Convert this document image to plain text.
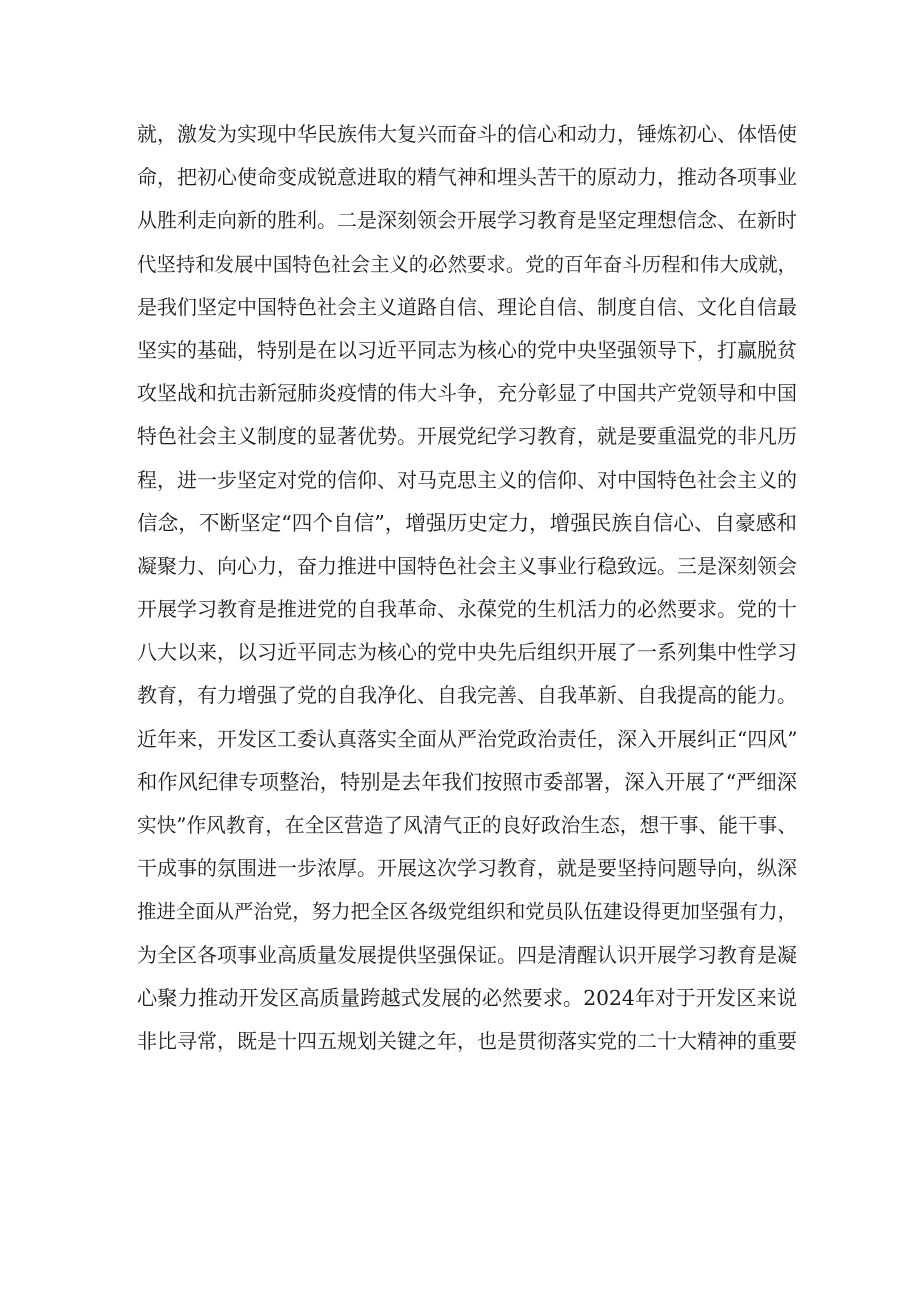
就，激发为实现中华民族伟大复兴而奋斗的信心和动力，锤炼初心、体悟使
命，把初心使命变成锐意进取的精气神和埋头苦干的原动力，推动各项事业
从胜利走向新的胜利。二是深刻领会开展学习教育是坚定理想信念、在新时
代坚持和发展中国特色社会主义的必然要求。党的百年奋斗历程和伟大成就，
是我们坚定中国特色社会主义道路自信、理论自信、制度自信、文化自信最
坚实的基础，特别是在以习近平同志为核心的党中央坚强领导下，打赢脱贫
攻坚战和抗击新冠肺炎疫情的伟大斗争，充分彰显了中国共产党领导和中国
特色社会主义制度的显著优势。开展党纪学习教育，就是要重温党的非凡历
程，进一步坚定对党的信仰、对马克思主义的信仰、对中国特色社会主义的
信念，不断坚定“四个自信”，增强历史定力，增强民族自信心、自豪感和
凝聚力、向心力，奋力推进中国特色社会主义事业行稳致远。三是深刻领会
开展学习教育是推进党的自我革命、永葆党的生机活力的必然要求。党的十
八大以来，以习近平同志为核心的党中央先后组织开展了一系列集中性学习
教育，有力增强了党的自我净化、自我完善、自我革新、自我提高的能力。
近年来，开发区工委认真落实全面从严治党政治责任，深入开展纠正“四风”
和作风纪律专项整治，特别是去年我们按照市委部署，深入开展了“严细深
实快”作风教育，在全区营造了风清气正的良好政治生态，想干事、能干事、
干成事的氛围进一步浓厚。开展这次学习教育，就是要坚持问题导向，纵深
推进全面从严治党，努力把全区各级党组织和党员队伍建设得更加坚强有力，
为全区各项事业高质量发展提供坚强保证。四是清醒认识开展学习教育是凝
心聚力推动开发区高质量跨越式发展的必然要求。2024年对于开发区来说
非比寻常，既是十四五规划关键之年，也是贯彻落实党的二十大精神的重要
